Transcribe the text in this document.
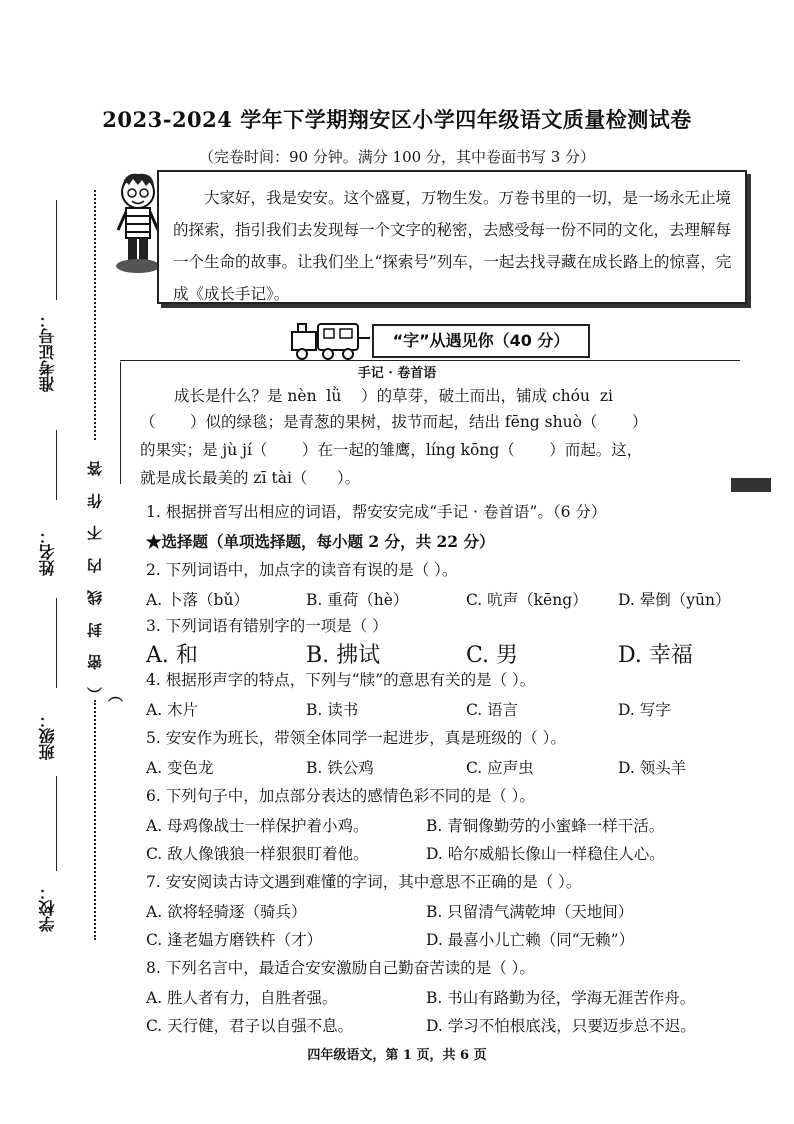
2023-2024 学年下学期翔安区小学四年级语文质量检测试卷
（完卷时间：90 分钟。满分 100 分，其中卷面书写 3 分）
准考证号：
姓名：
班级：
学校：
（ 密 封 线 内 不 作 答 ）

大家好，我是安安。这个盛夏，万物生发。万卷书里的一切，是一场永无止境的探索，指引我们去发现每一个文字的秘密，去感受每一份不同的文化，去理解每一个生命的故事。让我们坐上“探索号”列车，一起去找寻藏在成长路上的惊喜，完成《成长手记》。

“字”从遇见你（40 分）
手记 · 卷首语
成长是什么？是 nèn  lǜ    ）的草芽，破土而出，铺成 chóu  zi
（       ）似的绿毯；是青葱的果树，拔节而起，结出 fēng shuò（       ）
的果实；是 jù jí（       ）在一起的雏鹰，líng kōng（       ）而起。这，
就是成长最美的 zī tài（      ）。
1. 根据拼音写出相应的词语，帮安安完成“手记 · 卷首语”。（6 分）
★选择题（单项选择题，每小题 2 分，共 22 分）
2. 下列词语中，加点字的读音有误的是（ ）。
A. 卜落（bǔ）	B. 重荷（hè）	C. 吭声（kēng） D. 晕倒（yūn）
3. 下列词语有错别字的一项是（ ）
A. 和	B. 拂试	C. 男	D. 幸福
4. 根据形声字的特点，下列与“牍”的意思有关的是（ ）。
A. 木片	B. 读书	C. 语言	D. 写字
5. 安安作为班长，带领全体同学一起进步，真是班级的（ ）。
A. 变色龙	B. 铁公鸡	C. 应声虫	D. 领头羊
6. 下列句子中，加点部分表达的感情色彩不同的是（ ）。
A. 母鸡像战士一样保护着小鸡。	B. 青铜像勤劳的小蜜蜂一样干活。
C. 敌人像饿狼一样狠狠盯着他。	D. 哈尔威船长像山一样稳住人心。
7. 安安阅读古诗文遇到难懂的字词，其中意思不正确的是（ ）。
A. 欲将轻骑逐（骑兵）	B. 只留清气满乾坤（天地间）
C. 逢老媪方磨铁杵（才）	D. 最喜小儿亡赖（同“无赖”）
8. 下列名言中，最适合安安激励自己勤奋苦读的是（ ）。
A. 胜人者有力，自胜者强。	B. 书山有路勤为径，学海无涯苦作舟。
C. 天行健，君子以自强不息。	D. 学习不怕根底浅，只要迈步总不迟。
四年级语文，第 1 页，共 6 页
